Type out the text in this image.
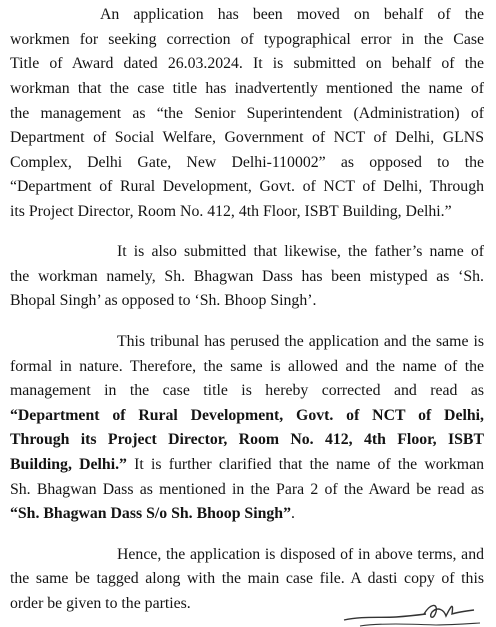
An application has been moved on behalf of the
workmen for seeking correction of typographical error in the Case
Title of Award dated 26.03.2024. It is submitted on behalf of the
workman that the case title has inadvertently mentioned the name of
the management as “the Senior Superintendent (Administration) of
Department of Social Welfare, Government of NCT of Delhi, GLNS
Complex, Delhi Gate, New Delhi-110002” as opposed to the
“Department of Rural Development, Govt. of NCT of Delhi, Through
its Project Director, Room No. 412, 4th Floor, ISBT Building, Delhi.”
It is also submitted that likewise, the father’s name of
the workman namely, Sh. Bhagwan Dass has been mistyped as ‘Sh.
Bhopal Singh’ as opposed to ‘Sh. Bhoop Singh’.
This tribunal has perused the application and the same is
formal in nature. Therefore, the same is allowed and the name of the
management in the case title is hereby corrected and read as
“Department of Rural Development, Govt. of NCT of Delhi,
Through its Project Director, Room No. 412, 4th Floor, ISBT
Building, Delhi.” It is further clarified that the name of the workman
Sh. Bhagwan Dass as mentioned in the Para 2 of the Award be read as
“Sh. Bhagwan Dass S/o Sh. Bhoop Singh”.
Hence, the application is disposed of in above terms, and
the same be tagged along with the main case file. A dasti copy of this
order be given to the parties.
